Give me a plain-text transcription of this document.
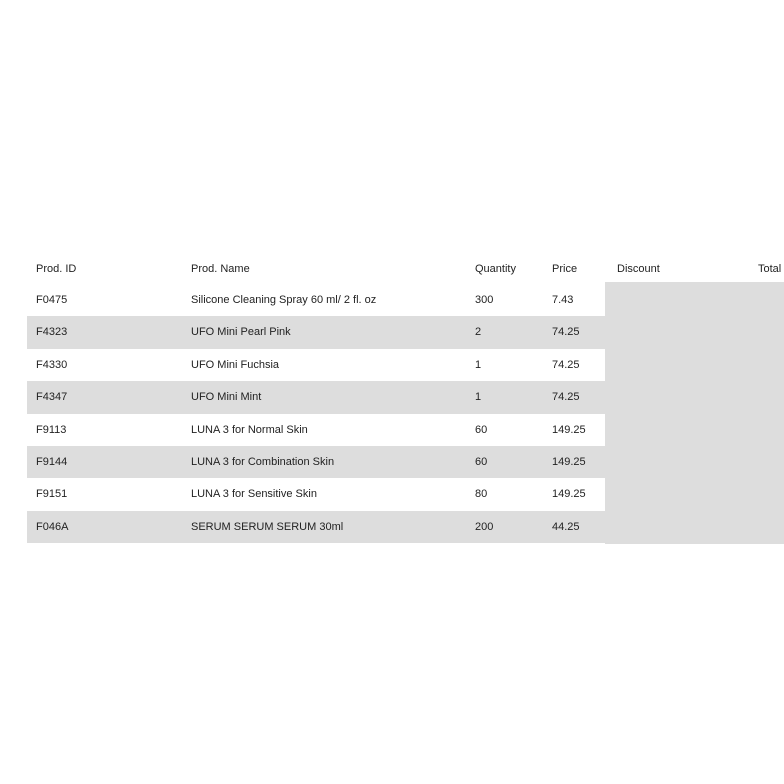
Prod. ID	Prod. Name	Quantity	Price	Discount	Total
F0475	Silicone Cleaning Spray 60 ml/ 2 fl. oz	300	7.43
F4323	UFO Mini Pearl Pink	2	74.25
F4330	UFO Mini Fuchsia	1	74.25
F4347	UFO Mini Mint	1	74.25
F9113	LUNA 3 for Normal Skin	60	149.25
F9144	LUNA 3 for Combination Skin	60	149.25
F9151	LUNA 3 for Sensitive Skin	80	149.25
F046A	SERUM SERUM SERUM 30ml	200	44.25
